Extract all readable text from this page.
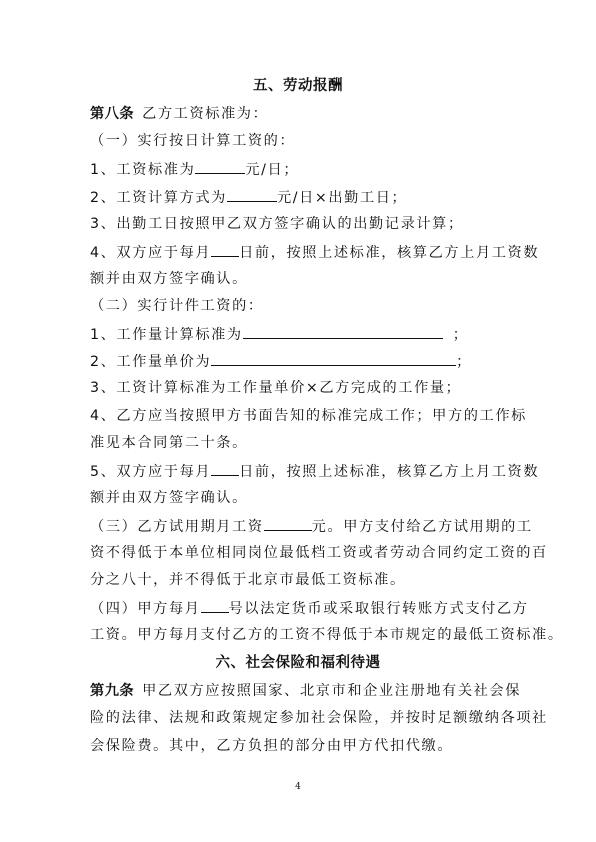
五、劳动报酬
第八条 乙方工资标准为：
（一）实行按日计算工资的：
1、工资标准为	元/日；
2、工资计算方式为	元/日×出勤工日；
3、出勤工日按照甲乙双方签字确认的出勤记录计算；
4、双方应于每月 日前，按照上述标准，核算乙方上月工资数
额并由双方签字确认。
（二）实行计件工资的：
1、工作量计算标准为	；
2、工作量单价为	；
3、工资计算标准为工作量单价×乙方完成的工作量；
4、乙方应当按照甲方书面告知的标准完成工作；甲方的工作标
准见本合同第二十条。
5、双方应于每月 日前，按照上述标准，核算乙方上月工资数
额并由双方签字确认。
（三）乙方试用期月工资	元。甲方支付给乙方试用期的工
资不得低于本单位相同岗位最低档工资或者劳动合同约定工资的百
分之八十，并不得低于北京市最低工资标准。
（四）甲方每月 号以法定货币或采取银行转账方式支付乙方
工资。甲方每月支付乙方的工资不得低于本市规定的最低工资标准。
六、社会保险和福利待遇
第九条 甲乙双方应按照国家、北京市和企业注册地有关社会保
险的法律、法规和政策规定参加社会保险，并按时足额缴纳各项社
会保险费。其中，乙方负担的部分由甲方代扣代缴。
4
